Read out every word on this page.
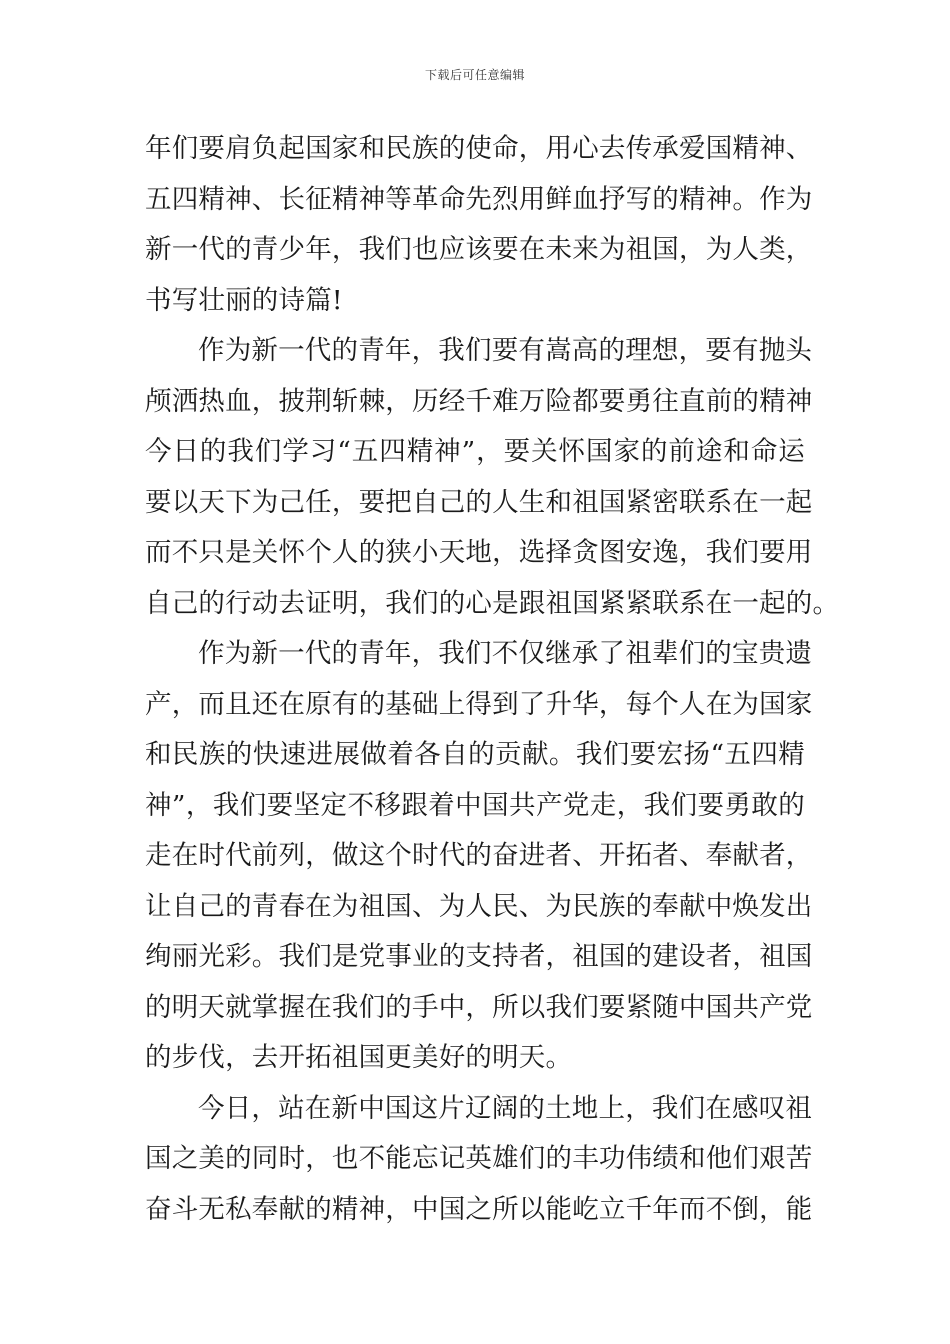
下载后可任意编辑
年们要肩负起国家和民族的使命，用心去传承爱国精神、
五四精神、长征精神等革命先烈用鲜血抒写的精神。作为
新一代的青少年，我们也应该要在未来为祖国，为人类，
书写壮丽的诗篇!
作为新一代的青年，我们要有嵩高的理想，要有抛头
颅洒热血，披荆斩棘，历经千难万险都要勇往直前的精神
今日的我们学习“五四精神”，要关怀国家的前途和命运
要以天下为己任，要把自己的人生和祖国紧密联系在一起
而不只是关怀个人的狭小天地，选择贪图安逸，我们要用
自己的行动去证明，我们的心是跟祖国紧紧联系在一起的。
作为新一代的青年，我们不仅继承了祖辈们的宝贵遗
产，而且还在原有的基础上得到了升华，每个人在为国家
和民族的快速进展做着各自的贡献。我们要宏扬“五四精
神”，我们要坚定不移跟着中国共产党走，我们要勇敢的
走在时代前列，做这个时代的奋进者、开拓者、奉献者，
让自己的青春在为祖国、为人民、为民族的奉献中焕发出
绚丽光彩。我们是党事业的支持者，祖国的建设者，祖国
的明天就掌握在我们的手中，所以我们要紧随中国共产党
的步伐，去开拓祖国更美好的明天。
今日，站在新中国这片辽阔的土地上，我们在感叹祖
国之美的同时，也不能忘记英雄们的丰功伟绩和他们艰苦
奋斗无私奉献的精神，中国之所以能屹立千年而不倒，能
